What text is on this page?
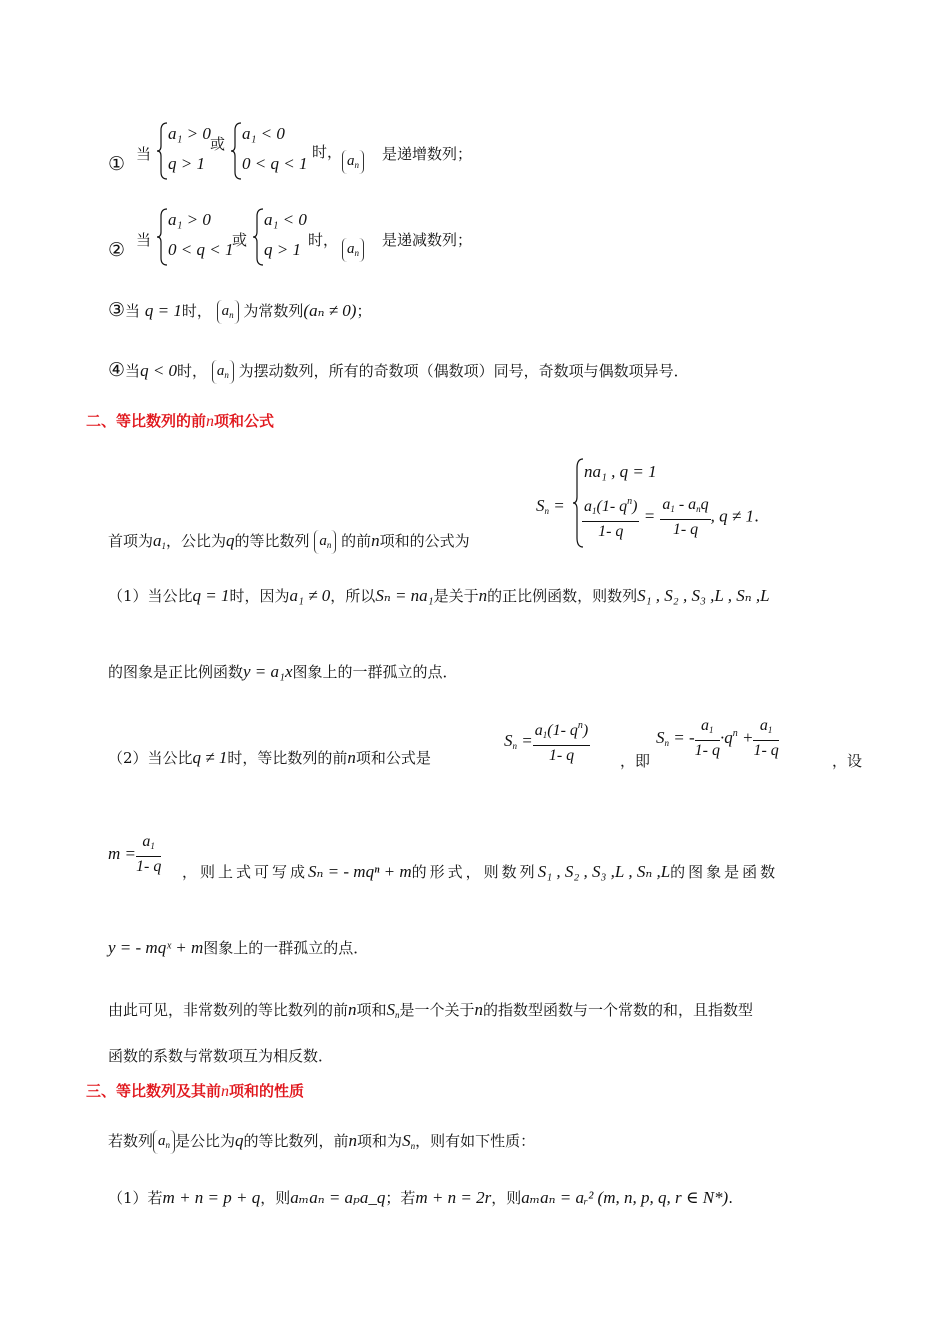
① 当
a₁ > 0
q > 1
或
a₁ < 0
0 < q < 1
时， $a_n$
是递增数列；
② 当
a₁ > 0
0 < q < 1
或
a₁ < 0
q > 1 时， $a_n$
是递减数列；
③当 q = 1时， $a_n$ 为常数列(aₙ ≠ 0)；
④当q < 0时， $a_n$ 为摆动数列，所有的奇数项（偶数项）同号，奇数项与偶数项异号．
二、等比数列的前n项和公式
$S_n$ =
na₁ , q = 1
$\frac{a_1(1- q^n)}{1- q} = \frac{a_1 - a_nq}{1- q}$ , q ≠ 1.
首项为$a_1$，公比为q的等比数列 $a_n$ 的前n项和的公式为
（1）当公比q = 1时，因为a₁ ≠ 0，所以Sₙ = na₁是关于n的正比例函数，则数列S₁ , S₂ , S₃ ,L , Sₙ ,L
的图象是正比例函数y = a₁x图象上的一群孤立的点．
（2）当公比q ≠ 1时，等比数列的前n项和公式是
$S_n = \frac{a_1(1- q^n)}{1- q}$ ，即
$S_n$ = - $\frac{a_1}{1- q} \cdot q^n + \frac{a_1}{1- q}$	，设
$m = \frac{a_1}{1- q}$ ，则上式可写成Sₙ = - mqⁿ + m的形式，则数列S₁ , S₂ , S₃ ,L , Sₙ ,L的图象是函数
y = - mqˣ + m图象上的一群孤立的点．
由此可见，非常数列的等比数列的前n项和$S_n$是一个关于n的指数型函数与一个常数的和，且指数型
函数的系数与常数项互为相反数．
三、等比数列及其前n项和的性质
若数列 $a_n$ 是公比为q的等比数列，前n项和为$S_n$，则有如下性质：
（1）若m + n = p + q，则aₘaₙ = aₚa_q；若m + n = 2r，则aₘaₙ = aᵣ² (m, n, p, q, r ∈ N*).
